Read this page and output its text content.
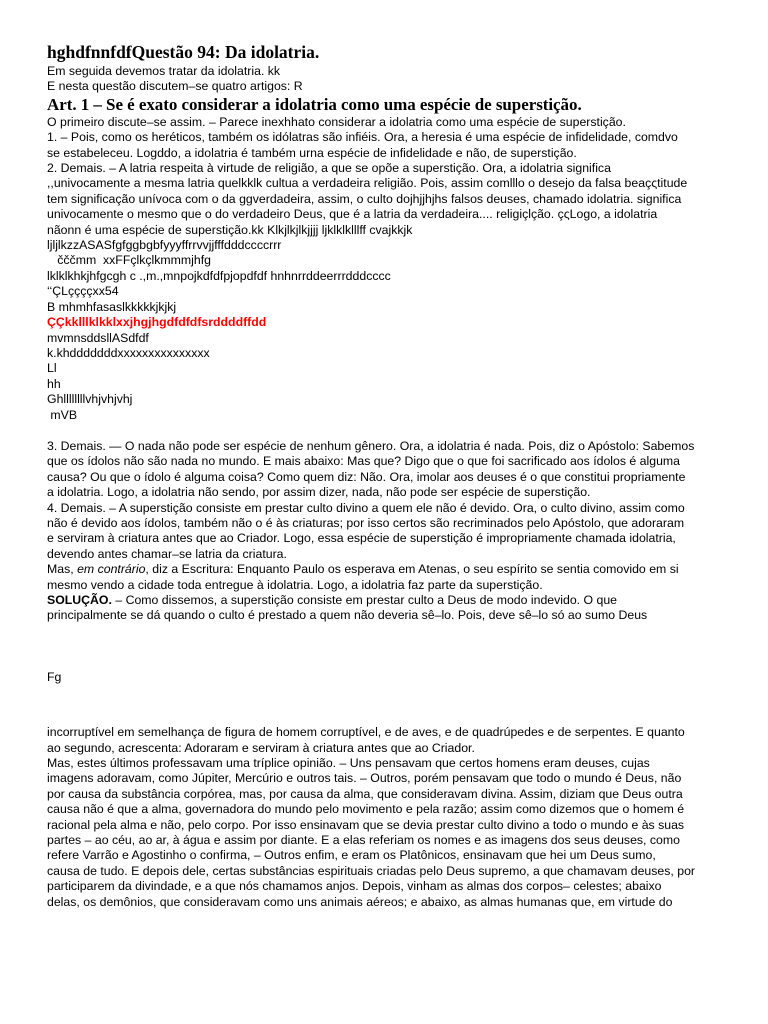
hghdfnnfdfQuestão 94: Da idolatria.

Em seguida devemos tratar da idolatria. kk

E nesta questão discutem–se quatro artigos: R

Art. 1 – Se é exato considerar a idolatria como uma espécie de superstição.

O primeiro discute–se assim. – Parece inexhhato considerar a idolatria como uma espécie de superstição.

1. – Pois, como os heréticos, também os idólatras são infiéis. Ora, a heresia é uma espécie de infidelidade, comdvo

se estabeleceu. Logddo, a idolatria é também urna espécie de infidelidade e não, de superstição.

2. Demais. – A latria respeita à virtude de religião, a que se opõe a superstição. Ora, a idolatria significa

,,univocamente a mesma latria quelkklk cultua a verdadeira religião. Pois, assim comlllo o desejo da falsa beaçςtitude

tem significação unívoca com o da ggverdadeira, assim, o culto dojhjjhjhs falsos deuses, chamado idolatria. significa

univocamente o mesmo que o do verdadeiro Deus, que é a latria da verdadeira.... religiçlção. çςLogo, a idolatria

nãonn é uma espécie de superstição.kk Klkjlkjlkjjjj ljklklklllff cvajkkjk

ljljlkzzASASfgfggbgbfyyyffrrvvjjfffdddccccrrr

čččmm  xxFFçlkçlkmmmjhfg

lklklkhkjhfgcgh c .,m.,mnpojkdfdfpjopdfdf hnhnrrddeerrrdddcccc

‘‘ÇLççççxx54

B mhmhfasaslkkkkkjkjkj

ÇÇkklllklkklxxjhgjhgdfdfdfsrddddffdd

mvmnsddsllASdfdf

k.khdddddddxxxxxxxxxxxxxxx

Ll

hh

Ghllllllllvhjvhjvhj

mVB

3. Demais. — O nada não pode ser espécie de nenhum gênero. Ora, a idolatria é nada. Pois, diz o Apóstolo: Sabemos

que os ídolos não são nada no mundo. E mais abaixo: Mas que? Digo que o que foi sacrificado aos ídolos é alguma

causa? Ou que o ídolo é alguma coisa? Como quem diz: Não. Ora, imolar aos deuses é o que constitui propriamente

a idolatria. Logo, a idolatria não sendo, por assim dizer, nada, não pode ser espécie de superstição.

4. Demais. – A superstição consiste em prestar culto divino a quem ele não é devido. Ora, o culto divino, assim como

não é devido aos ídolos, também não o é às criaturas; por isso certos são recriminados pelo Apóstolo, que adoraram

e serviram à criatura antes que ao Criador. Logo, essa espécie de superstição é impropriamente chamada idolatria,

devendo antes chamar–se latria da criatura.

Mas, em contrário, diz a Escritura: Enquanto Paulo os esperava em Atenas, o seu espírito se sentia comovido em si

mesmo vendo a cidade toda entregue à idolatria. Logo, a idolatria faz parte da superstição.

SOLUÇÃO. – Como dissemos, a superstição consiste em prestar culto a Deus de modo indevido. O que

principalmente se dá quando o culto é prestado a quem não deveria sê–lo. Pois, deve sê–lo só ao sumo Deus

Fg

incorruptível em semelhança de figura de homem corruptível, e de aves, e de quadrúpedes e de serpentes. E quanto

ao segundo, acrescenta: Adoraram e serviram à criatura antes que ao Criador.

Mas, estes últimos professavam uma tríplice opinião. – Uns pensavam que certos homens eram deuses, cujas

imagens adoravam, como Júpiter, Mercúrio e outros tais. – Outros, porém pensavam que todo o mundo é Deus, não

por causa da substância corpórea, mas, por causa da alma, que consideravam divina. Assim, diziam que Deus outra

causa não é que a alma, governadora do mundo pelo movimento e pela razão; assim como dizemos que o homem é

racional pela alma e não, pelo corpo. Por isso ensinavam que se devia prestar culto divino a todo o mundo e às suas

partes – ao céu, ao ar, à água e assim por diante. E a elas referiam os nomes e as imagens dos seus deuses, como

refere Varrão e Agostinho o confirma, – Outros enfim, e eram os Platônicos, ensinavam que hei um Deus sumo,

causa de tudo. E depois dele, certas substâncias espirituais criadas pelo Deus supremo, a que chamavam deuses, por

participarem da divindade, e a que nós chamamos anjos. Depois, vinham as almas dos corpos– celestes; abaixo

delas, os demônios, que consideravam como uns animais aéreos; e abaixo, as almas humanas que, em virtude do
